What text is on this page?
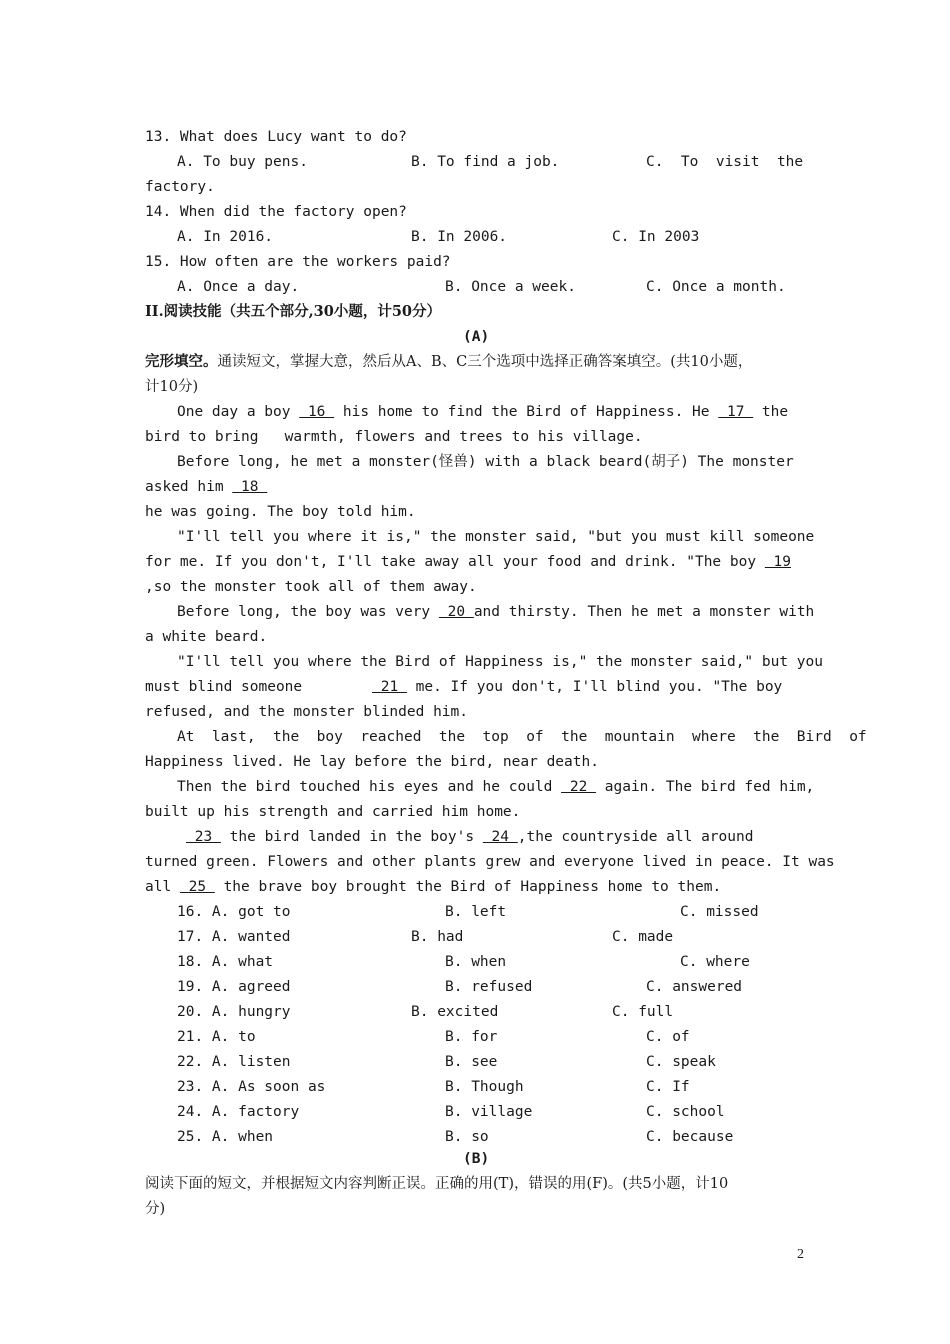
13. What does Lucy want to do?
A. To buy pens.	B. To find a job.	C.  To  visit  the
factory.
14. When did the factory open?
A. In 2016.	B. In 2006.	C. In 2003
15. How often are the workers paid?
A. Once a day.	B. Once a week.	C. Once a month.
II.阅读技能（共五个部分,30小题，计50分）
(A)
完形填空。通读短文，掌握大意，然后从A、B、C三个选项中选择正确答案填空。(共10小题，
计10分)
One day a boy  16  his home to find the Bird of Happiness. He  17  the
bird to bring   warmth, flowers and trees to his village.
Before long, he met a monster(怪兽) with a black beard(胡子) The monster
asked him  18
he was going. The boy told him.
"I'll tell you where it is," the monster said, "but you must kill someone
for me. If you don't, I'll take away all your food and drink. "The boy  19
,so the monster took all of them away.
Before long, the boy was very  20 and thirsty. Then he met a monster with
a white beard.
"I'll tell you where the Bird of Happiness is," the monster said," but you
must blind someone         21  me. If you don't, I'll blind you. "The boy
refused, and the monster blinded him.
At  last,  the  boy  reached  the  top  of  the  mountain  where  the  Bird  of
Happiness lived. He lay before the bird, near death.
Then the bird touched his eyes and he could  22  again. The bird fed him,
built up his strength and carried him home.
23  the bird landed in the boy's  24 ,the countryside all around
turned green. Flowers and other plants grew and everyone lived in peace. It was
all  25  the brave boy brought the Bird of Happiness home to them.
16. A. got to	B. left	C. missed
17. A. wanted	B. had	C. made
18. A. what	B. when	C. where
19. A. agreed	B. refused	C. answered
20. A. hungry	B. excited	C. full
21. A. to	B. for	C. of
22. A. listen	B. see	C. speak
23. A. As soon as	B. Though	C. If
24. A. factory	B. village	C. school
25. A. when	B. so	C. because
(B)
阅读下面的短文，并根据短文内容判断正误。正确的用(T)，错误的用(F)。(共5小题，计10
分)
2
